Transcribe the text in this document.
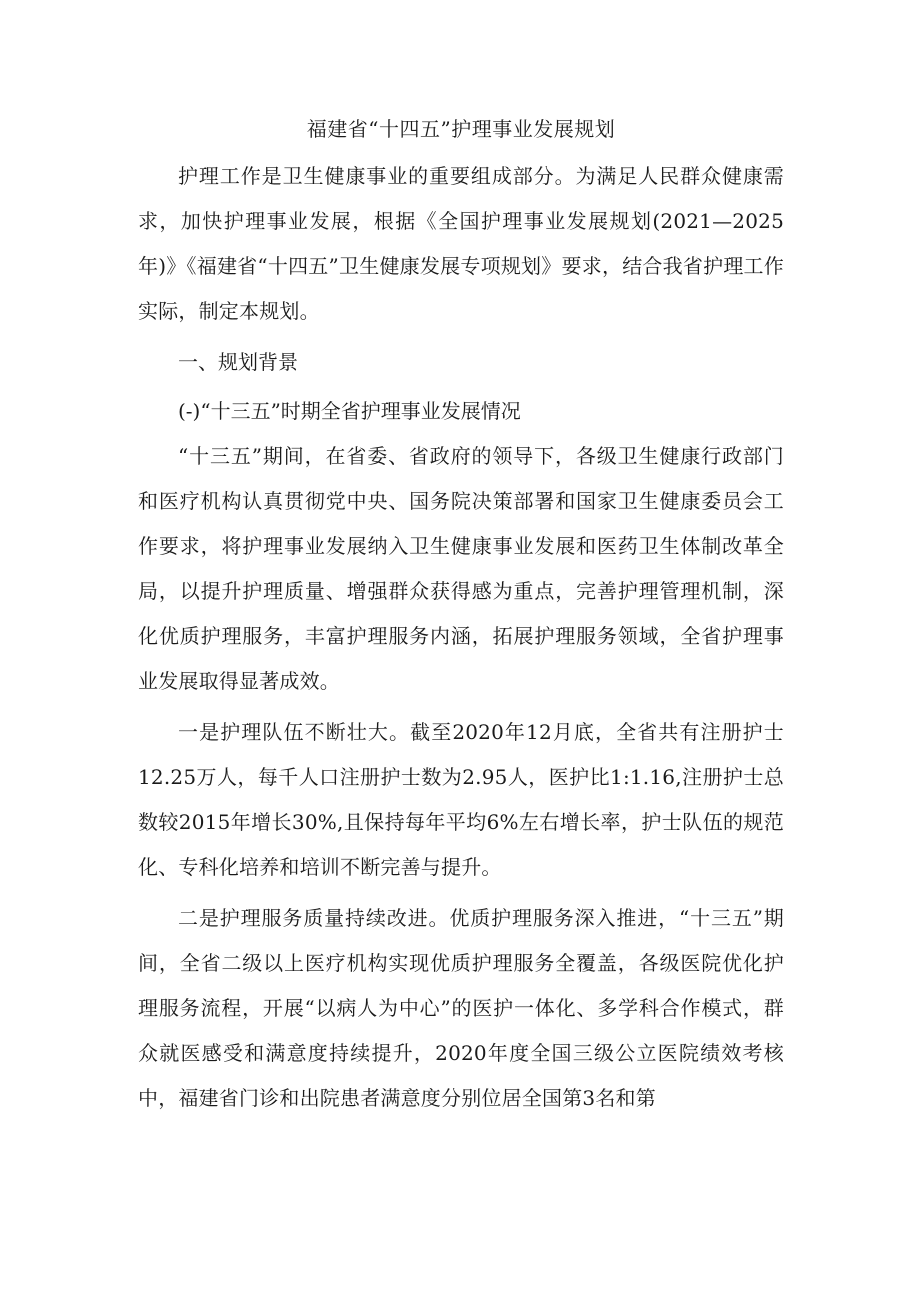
福建省“十四五”护理事业发展规划

护理工作是卫生健康事业的重要组成部分。为满足人民群众健康需求，加快护理事业发展，根据《全国护理事业发展规划(2021—2025年)》《福建省“十四五”卫生健康发展专项规划》要求，结合我省护理工作实际，制定本规划。

一、规划背景

(-)“十三五”时期全省护理事业发展情况

“十三五”期间，在省委、省政府的领导下，各级卫生健康行政部门和医疗机构认真贯彻党中央、国务院决策部署和国家卫生健康委员会工作要求，将护理事业发展纳入卫生健康事业发展和医药卫生体制改革全局，以提升护理质量、增强群众获得感为重点，完善护理管理机制，深化优质护理服务，丰富护理服务内涵，拓展护理服务领域，全省护理事业发展取得显著成效。

一是护理队伍不断壮大。截至2020年12月底，全省共有注册护士12.25万人，每千人口注册护士数为2.95人，医护比1:1.16,注册护士总数较2015年增长30%,且保持每年平均6%左右增长率，护士队伍的规范化、专科化培养和培训不断完善与提升。

二是护理服务质量持续改进。优质护理服务深入推进，“十三五”期间，全省二级以上医疗机构实现优质护理服务全覆盖，各级医院优化护理服务流程，开展“以病人为中心”的医护一体化、多学科合作模式，群众就医感受和满意度持续提升，2020年度全国三级公立医院绩效考核中，福建省门诊和出院患者满意度分别位居全国第3名和第
